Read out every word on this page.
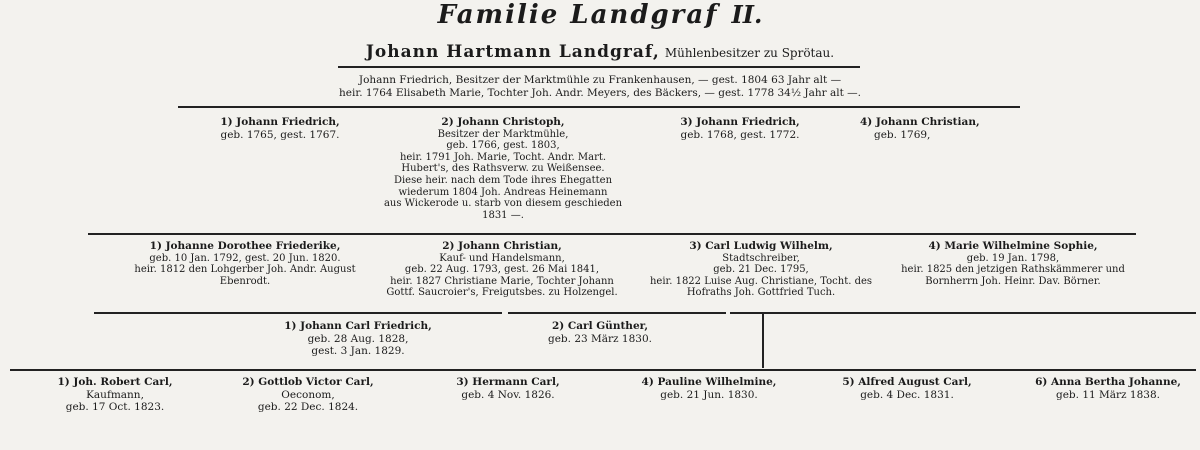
Familie Landgraf II.
Johann Hartmann Landgraf, Mühlenbesitzer zu Sprötau.
Johann Friedrich, Besitzer der Marktmühle zu Frankenhausen, — gest. 1804 63 Jahr alt —
heir. 1764 Elisabeth Marie, Tochter Joh. Andr. Meyers, des Bäckers, — gest. 1778 34½ Jahr alt —.
1) Johann Friedrich,
geb. 1765, gest. 1767.
2) Johann Christoph,
Besitzer der Marktmühle,
geb. 1766, gest. 1803,
heir. 1791 Joh. Marie, Tocht. Andr. Mart.
Hubert's, des Rathsverw. zu Weißensee.
Diese heir. nach dem Tode ihres Ehegatten
wiederum 1804 Joh. Andreas Heinemann
aus Wickerode u. starb von diesem geschieden
1831 —.
3) Johann Friedrich,
geb. 1768, gest. 1772.
4) Johann Christian,
geb. 1769,
1) Johanne Dorothee Friederike,
geb. 10 Jan. 1792, gest. 20 Jun. 1820.
heir. 1812 den Lohgerber Joh. Andr. August
Ebenrodt.
2) Johann Christian,
Kauf- und Handelsmann,
geb. 22 Aug. 1793, gest. 26 Mai 1841,
heir. 1827 Christiane Marie, Tochter Johann
Gottf. Saucroier's, Freigutsbes. zu Holzengel.
3) Carl Ludwig Wilhelm,
Stadtschreiber,
geb. 21 Dec. 1795,
heir. 1822 Luise Aug. Christiane, Tocht. des
Hofraths Joh. Gottfried Tuch.
4) Marie Wilhelmine Sophie,
geb. 19 Jan. 1798,
heir. 1825 den jetzigen Rathskämmerer und
Bornherrn Joh. Heinr. Dav. Börner.
1) Johann Carl Friedrich,
geb. 28 Aug. 1828,
gest. 3 Jan. 1829.
2) Carl Günther,
geb. 23 März 1830.
1) Joh. Robert Carl,
Kaufmann,
geb. 17 Oct. 1823.
2) Gottlob Victor Carl,
Oeconom,
geb. 22 Dec. 1824.
3) Hermann Carl,
geb. 4 Nov. 1826.
4) Pauline Wilhelmine,
geb. 21 Jun. 1830.
5) Alfred August Carl,
geb. 4 Dec. 1831.
6) Anna Bertha Johanne,
geb. 11 März 1838.
